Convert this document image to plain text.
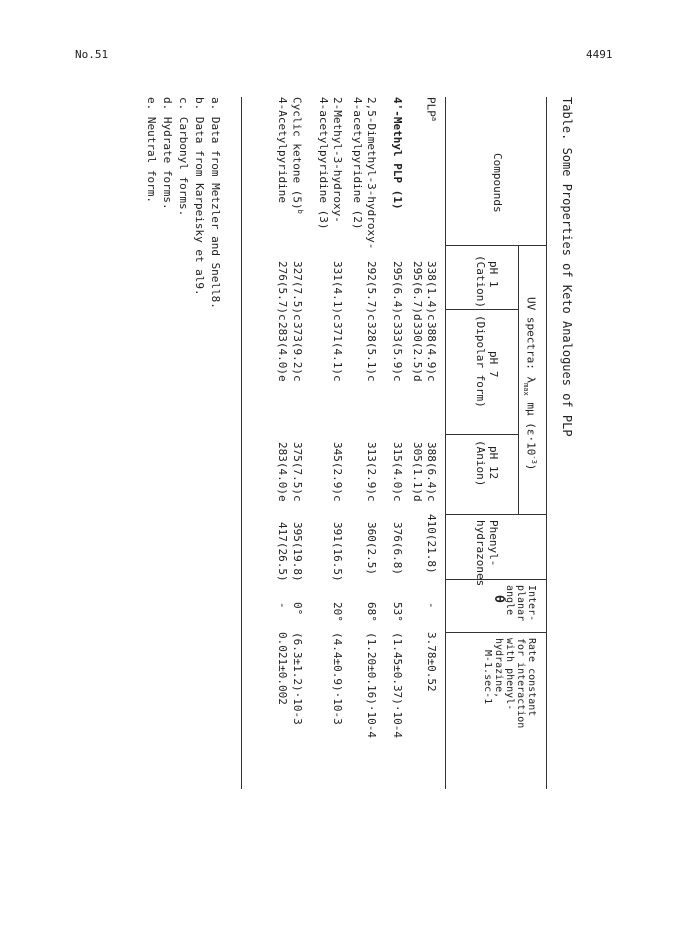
No.51	4491
Table. Some Properties of Keto Analogues of PLP
Compounds
UV spectra: $\lambda_{max}$ mμ $(\varepsilon\cdot 10^{-3})$
pH 1
(Cation)
pH 7
(Dipolar form)
pH 12
(Anion)
Phenyl-
hydrazones
Inter-
planar
angle
θ
Rate constant
for interaction
with phenyl-
hydrazine,
M-1.sec-1
PLP$^a$
338(1.4)c
295(6.7)d
388(4.9)c
330(2.5)d
388(6.4)c
305(1.1)d
410(21.8)
-
3.78±0.52
4'-Methyl PLP (1)
295(6.4)c
333(5.9)c
315(4.0)c
376(6.8)
53°
(1.45±0.37)·10-4
2,5-Dimethyl-3-hydroxy-
4-acetylpyridine (2)
292(5.7)c
328(5.1)c
313(2.9)c
360(2.5)
68°
(1.20±0.16)·10-4
2-Methyl-3-hydroxy-
4-acetylpyridine (3)
331(4.1)c
371(4.1)c
345(2.9)c
391(16.5)
20°
(4.4±0.9)·10-3
Cyclic ketone $(5)^b$
327(7.5)c
373(9.2)c
375(7.5)c
395(19.8)
0°
(6.3±1.2)·10-3
4-Acetylpyridine
276(5.7)c
283(4.0)e
283(4.0)e
417(26.5)
-
0.021±0.002
a. Data from Metzler and Snell8.
b. Data from Karpeisky et al9.
c. Carbonyl forms.
d. Hydrate forms.
e. Neutral form.
